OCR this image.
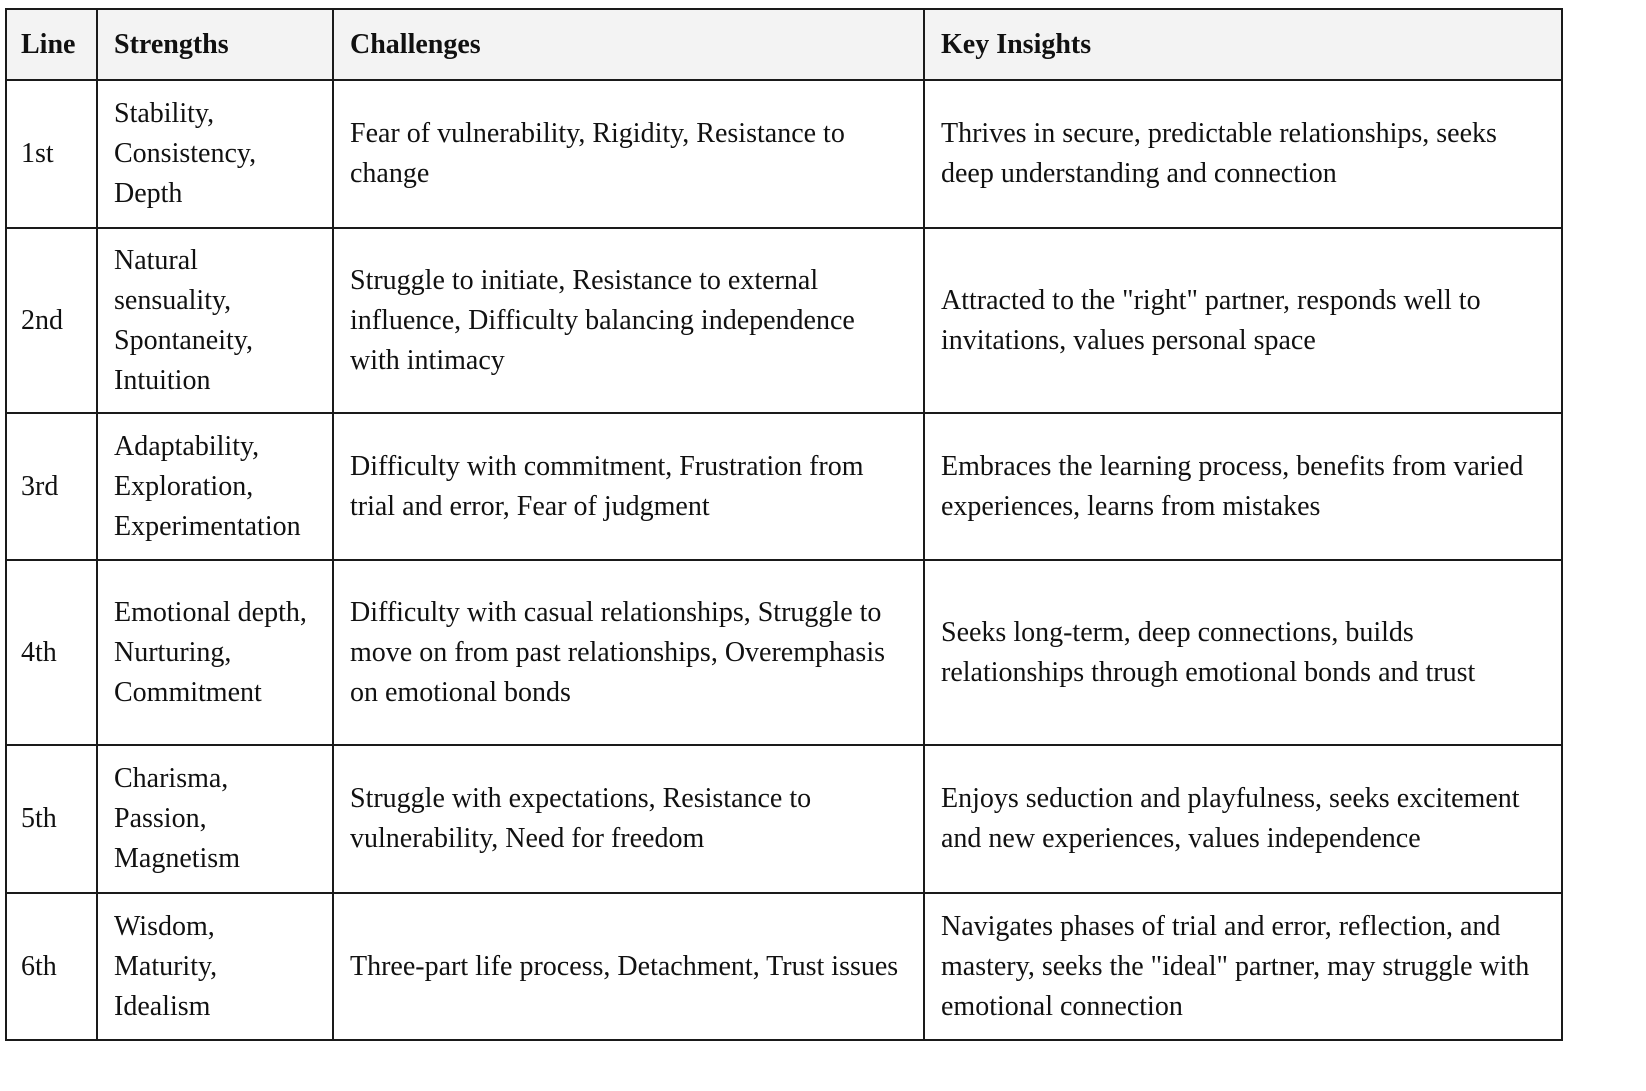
Line	Strengths	Challenges	Key Insights
1st	Stability, Consistency, Depth	Fear of vulnerability, Rigidity, Resistance to change	Thrives in secure, predictable relationships, seeks deep understanding and connection
2nd	Natural sensuality, Spontaneity, Intuition	Struggle to initiate, Resistance to external influence, Difficulty balancing independence with intimacy	Attracted to the "right" partner, responds well to invitations, values personal space
3rd	Adaptability, Exploration, Experimentation	Difficulty with commitment, Frustration from trial and error, Fear of judgment	Embraces the learning process, benefits from varied experiences, learns from mistakes
4th	Emotional depth, Nurturing, Commitment	Difficulty with casual relationships, Struggle to move on from past relationships, Overemphasis on emotional bonds	Seeks long-term, deep connections, builds relationships through emotional bonds and trust
5th	Charisma, Passion, Magnetism	Struggle with expectations, Resistance to vulnerability, Need for freedom	Enjoys seduction and playfulness, seeks excitement and new experiences, values independence
6th	Wisdom, Maturity, Idealism	Three-part life process, Detachment, Trust issues	Navigates phases of trial and error, reflection, and mastery, seeks the "ideal" partner, may struggle with emotional connection
